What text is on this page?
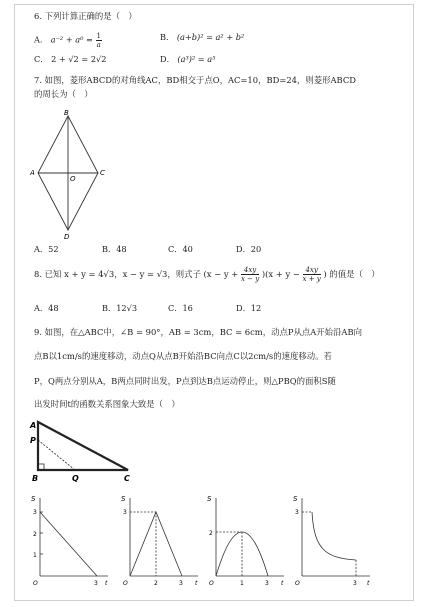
6. 下列计算正确的是（　）
A． $a^{-2} + a^0 = \frac{1}{a}$	B． (a+b)² = a² + b²
C． 2 + √2 = 2√2	D． (a³)² = a⁵
7. 如图，菱形ABCD的对角线AC，BD相交于点O，AC=10，BD=24，则菱形ABCD
的周长为（　）
B
A
O
C
D
A．52	B．48	C．40	D．20
8. 已知 x + y = 4√3，x − y = √3，则式子 $(x - y + \frac{4xy}{x - y} )(x + y - \frac{4xy}{x + y}$ ) 的值是（　）
A．48	B．12√3	C．16	D．12
9. 如图，在△ABC中，∠B = 90°，AB = 3cm，BC = 6cm，动点P从点A开始沿AB向
点B以1cm/s的速度移动，动点Q从点B开始沿BC向点C以2cm/s的速度移动。若
P，Q两点分别从A，B两点同时出发，P点到达B点运动停止，则△PBQ的面积S随
出发时间t的函数关系图象大致是（　）
A
P
B	Q	C
S
3
2
1
O	3 t
S
3
O	2	3 t
S
2
O	1	3 t
S
3
O	3 t
